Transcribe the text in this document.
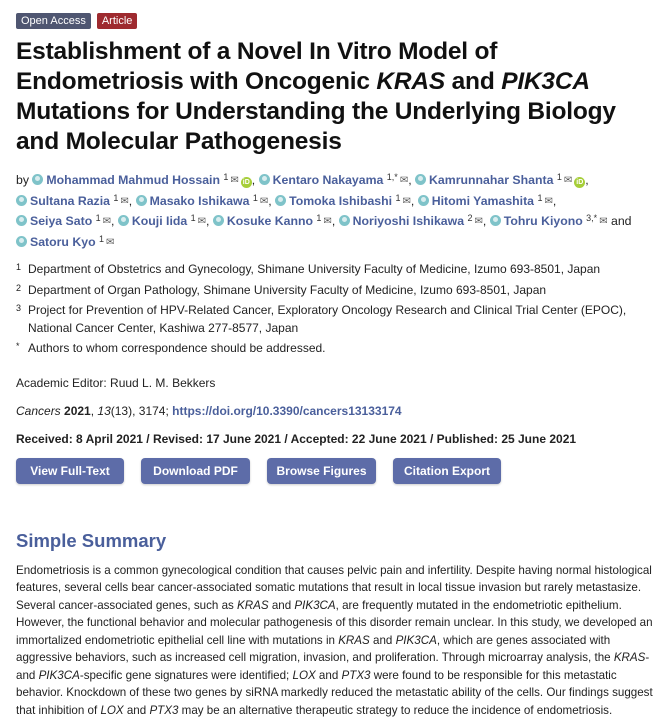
Open Access	Article
Establishment of a Novel In Vitro Model of Endometriosis with Oncogenic KRAS and PIK3CA Mutations for Understanding the Underlying Biology and Molecular Pathogenesis
by Mohammad Mahmud Hossain $^1$ ✉ iD , Kentaro Nakayama $^{1,*}$ ✉, Kamrunnahar Shanta $^1$ ✉ iD ,
Sultana Razia $^1$ ✉, Masako Ishikawa $^1$ ✉, Tomoka Ishibashi $^1$ ✉, Hitomi Yamashita $^1$ ✉,
Seiya Sato $^1$ ✉, Kouji Iida $^1$ ✉, Kosuke Kanno $^1$ ✉, Noriyoshi Ishikawa $^2$ ✉, Tohru Kiyono $^{3,*}$ ✉ and
Satoru Kyo $^1$ ✉
1 Department of Obstetrics and Gynecology, Shimane University Faculty of Medicine, Izumo 693-8501, Japan
2 Department of Organ Pathology, Shimane University Faculty of Medicine, Izumo 693-8501, Japan
3 Project for Prevention of HPV-Related Cancer, Exploratory Oncology Research and Clinical Trial Center (EPOC), National Cancer Center, Kashiwa 277-8577, Japan
* Authors to whom correspondence should be addressed.
Academic Editor: Ruud L. M. Bekkers
Cancers 2021, 13(13), 3174; https://doi.org/10.3390/cancers13133174
Received: 8 April 2021 / Revised: 17 June 2021 / Accepted: 22 June 2021 / Published: 25 June 2021
View Full-Text	Download PDF	Browse Figures	Citation Export
Simple Summary
Endometriosis is a common gynecological condition that causes pelvic pain and infertility. Despite having normal histological features, several cells bear cancer-associated somatic mutations that result in local tissue invasion but rarely metastasize. Several cancer-associated genes, such as KRAS and PIK3CA, are frequently mutated in the endometriotic epithelium. However, the functional behavior and molecular pathogenesis of this disorder remain unclear. In this study, we developed an immortalized endometriotic epithelial cell line with mutations in KRAS and PIK3CA, which are genes associated with aggressive behaviors, such as increased cell migration, invasion, and proliferation. Through microarray analysis, the KRAS- and PIK3CA-specific gene signatures were identified; LOX and PTX3 were found to be responsible for this metastatic behavior. Knockdown of these two genes by siRNA markedly reduced the metastatic ability of the cells. Our findings suggest that inhibition of LOX and PTX3 may be an alternative therapeutic strategy to reduce the incidence of endometriosis.
